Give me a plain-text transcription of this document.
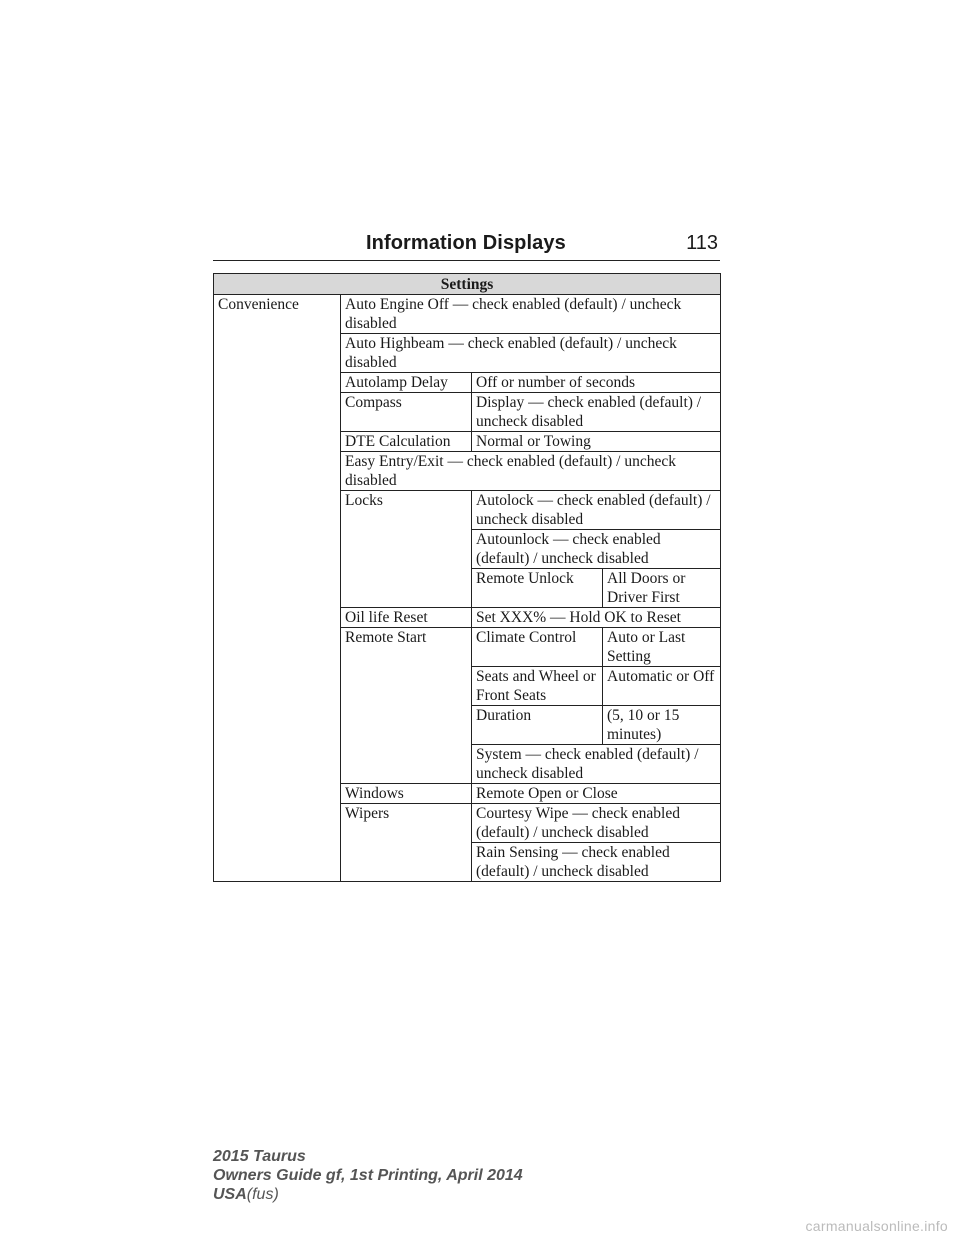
Information Displays	113
Settings			
Convenience	Auto Engine Off — check enabled (default) / uncheck disabled		
	Auto Highbeam — check enabled (default) / uncheck disabled		
	Autolamp Delay	Off or number of seconds	
	Compass	Display — check enabled (default) / uncheck disabled	
	DTE Calculation	Normal or Towing	
	Easy Entry/Exit — check enabled (default) / uncheck disabled		
	Locks	Autolock — check enabled (default) / uncheck disabled	
		Autounlock — check enabled (default) / uncheck disabled	
		Remote Unlock	All Doors or Driver First
	Oil life Reset	Set XXX% — Hold OK to Reset	
	Remote Start	Climate Control	Auto or Last Setting
		Seats and Wheel or Front Seats	Automatic or Off
		Duration	(5, 10 or 15 minutes)
		System — check enabled (default) / uncheck disabled	
	Windows	Remote Open or Close	
	Wipers	Courtesy Wipe — check enabled (default) / uncheck disabled	
		Rain Sensing — check enabled (default) / uncheck disabled	
2015 Taurus
Owners Guide gf, 1st Printing, April 2014
USA(fus)
carmanualsonline.info
